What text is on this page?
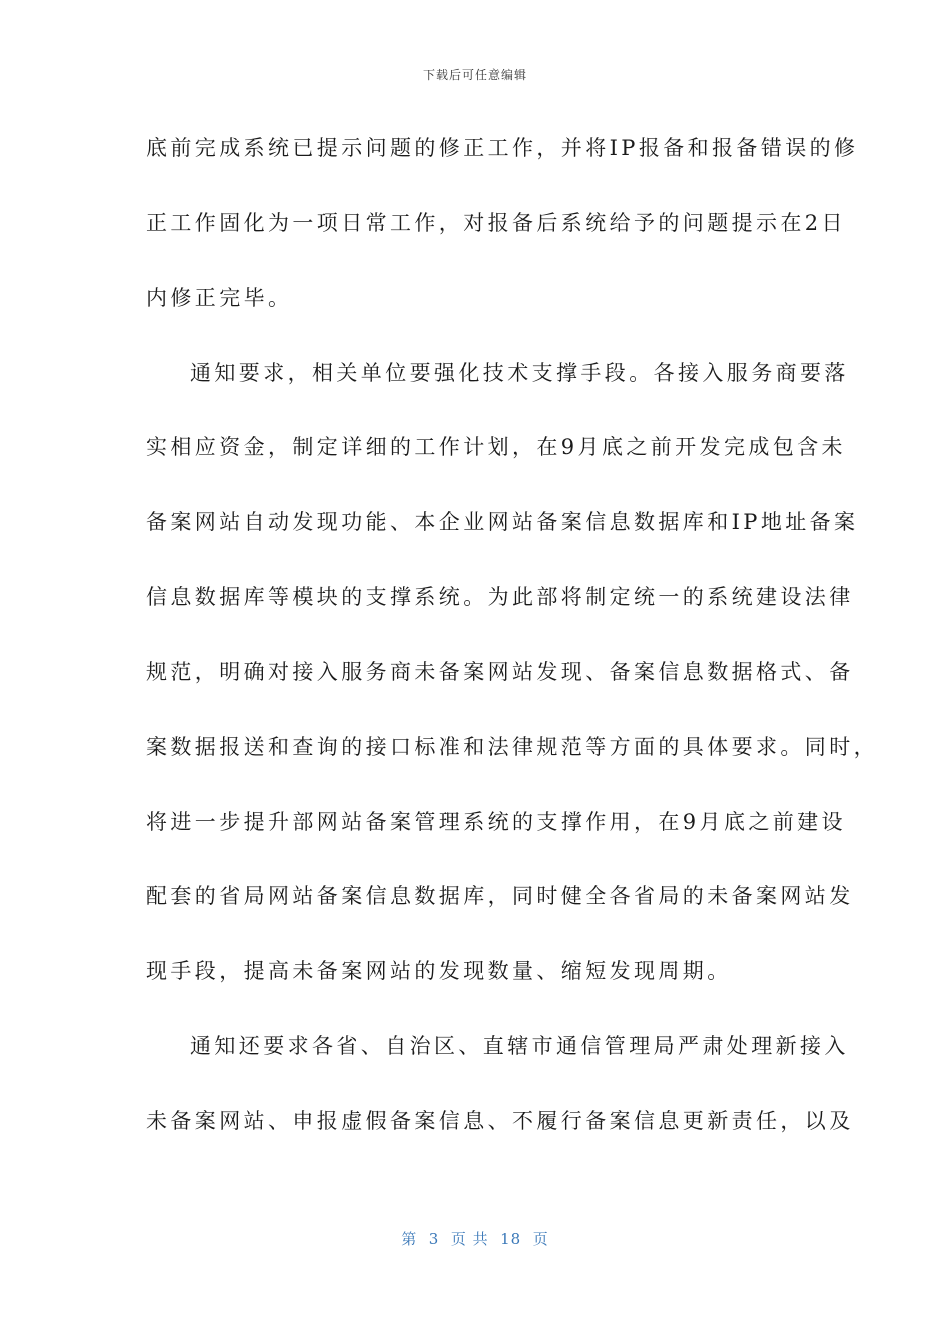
下载后可任意编辑
底前完成系统已提示问题的修正工作，并将IP报备和报备错误的修
正工作固化为一项日常工作，对报备后系统给予的问题提示在2日
内修正完毕。
通知要求，相关单位要强化技术支撑手段。各接入服务商要落
实相应资金，制定详细的工作计划，在9月底之前开发完成包含未
备案网站自动发现功能、本企业网站备案信息数据库和IP地址备案
信息数据库等模块的支撑系统。为此部将制定统一的系统建设法律
规范，明确对接入服务商未备案网站发现、备案信息数据格式、备
案数据报送和查询的接口标准和法律规范等方面的具体要求。同时，
将进一步提升部网站备案管理系统的支撑作用，在9月底之前建设
配套的省局网站备案信息数据库，同时健全各省局的未备案网站发
现手段，提高未备案网站的发现数量、缩短发现周期。
通知还要求各省、自治区、直辖市通信管理局严肃处理新接入
未备案网站、申报虚假备案信息、不履行备案信息更新责任，以及
第  3  页 共  18  页
